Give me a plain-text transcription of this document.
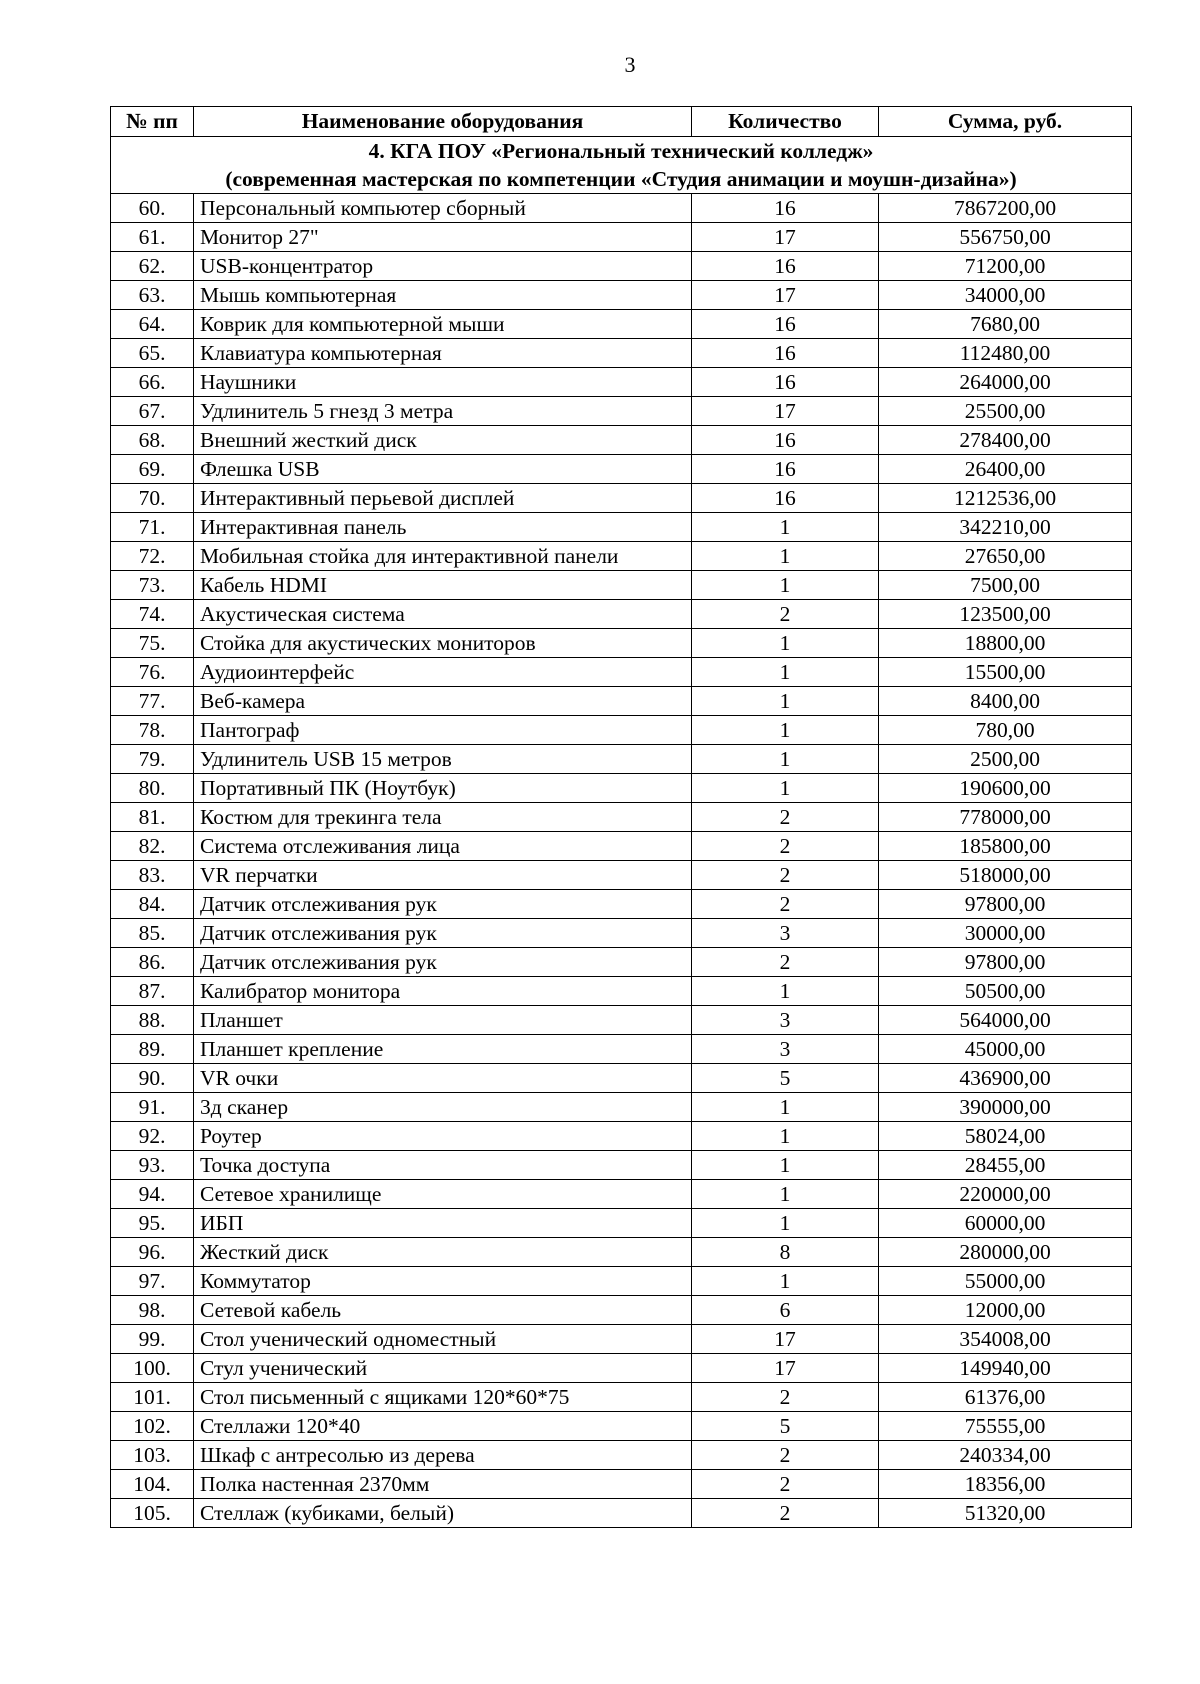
3
№ пп	Наименование оборудования	Количество	Сумма, руб.

4. КГА ПОУ «Региональный технический колледж»
(современная мастерская по компетенции «Студия анимации и моушн-дизайна»)			

60.	Персональный компьютер сборный	16	7867200,00
61.	Монитор 27"	17	556750,00
62.	USB-концентратор	16	71200,00
63.	Мышь компьютерная	17	34000,00
64.	Коврик для компьютерной мыши	16	7680,00
65.	Клавиатура компьютерная	16	112480,00
66.	Наушники	16	264000,00
67.	Удлинитель 5 гнезд 3 метра	17	25500,00
68.	Внешний жесткий диск	16	278400,00
69.	Флешка USB	16	26400,00
70.	Интерактивный перьевой дисплей	16	1212536,00
71.	Интерактивная панель	1	342210,00
72.	Мобильная стойка для интерактивной панели	1	27650,00
73.	Кабель HDMI	1	7500,00
74.	Акустическая система	2	123500,00
75.	Стойка для акустических мониторов	1	18800,00
76.	Аудиоинтерфейс	1	15500,00
77.	Веб-камера	1	8400,00
78.	Пантограф	1	780,00
79.	Удлинитель USB 15 метров	1	2500,00
80.	Портативный ПК (Ноутбук)	1	190600,00
81.	Костюм для трекинга тела	2	778000,00
82.	Система отслеживания лица	2	185800,00
83.	VR перчатки	2	518000,00
84.	Датчик отслеживания рук	2	97800,00
85.	Датчик отслеживания рук	3	30000,00
86.	Датчик отслеживания рук	2	97800,00
87.	Калибратор монитора	1	50500,00
88.	Планшет	3	564000,00
89.	Планшет крепление	3	45000,00
90.	VR очки	5	436900,00
91.	3д сканер	1	390000,00
92.	Роутер	1	58024,00
93.	Точка доступа	1	28455,00
94.	Сетевое хранилище	1	220000,00
95.	ИБП	1	60000,00
96.	Жесткий диск	8	280000,00
97.	Коммутатор	1	55000,00
98.	Сетевой кабель	6	12000,00
99.	Стол ученический одноместный	17	354008,00
100.	Стул ученический	17	149940,00
101.	Стол письменный с ящиками 120*60*75	2	61376,00
102.	Стеллажи 120*40	5	75555,00
103.	Шкаф с антресолью из дерева	2	240334,00
104.	Полка настенная 2370мм	2	18356,00
105.	Стеллаж (кубиками, белый)	2	51320,00
